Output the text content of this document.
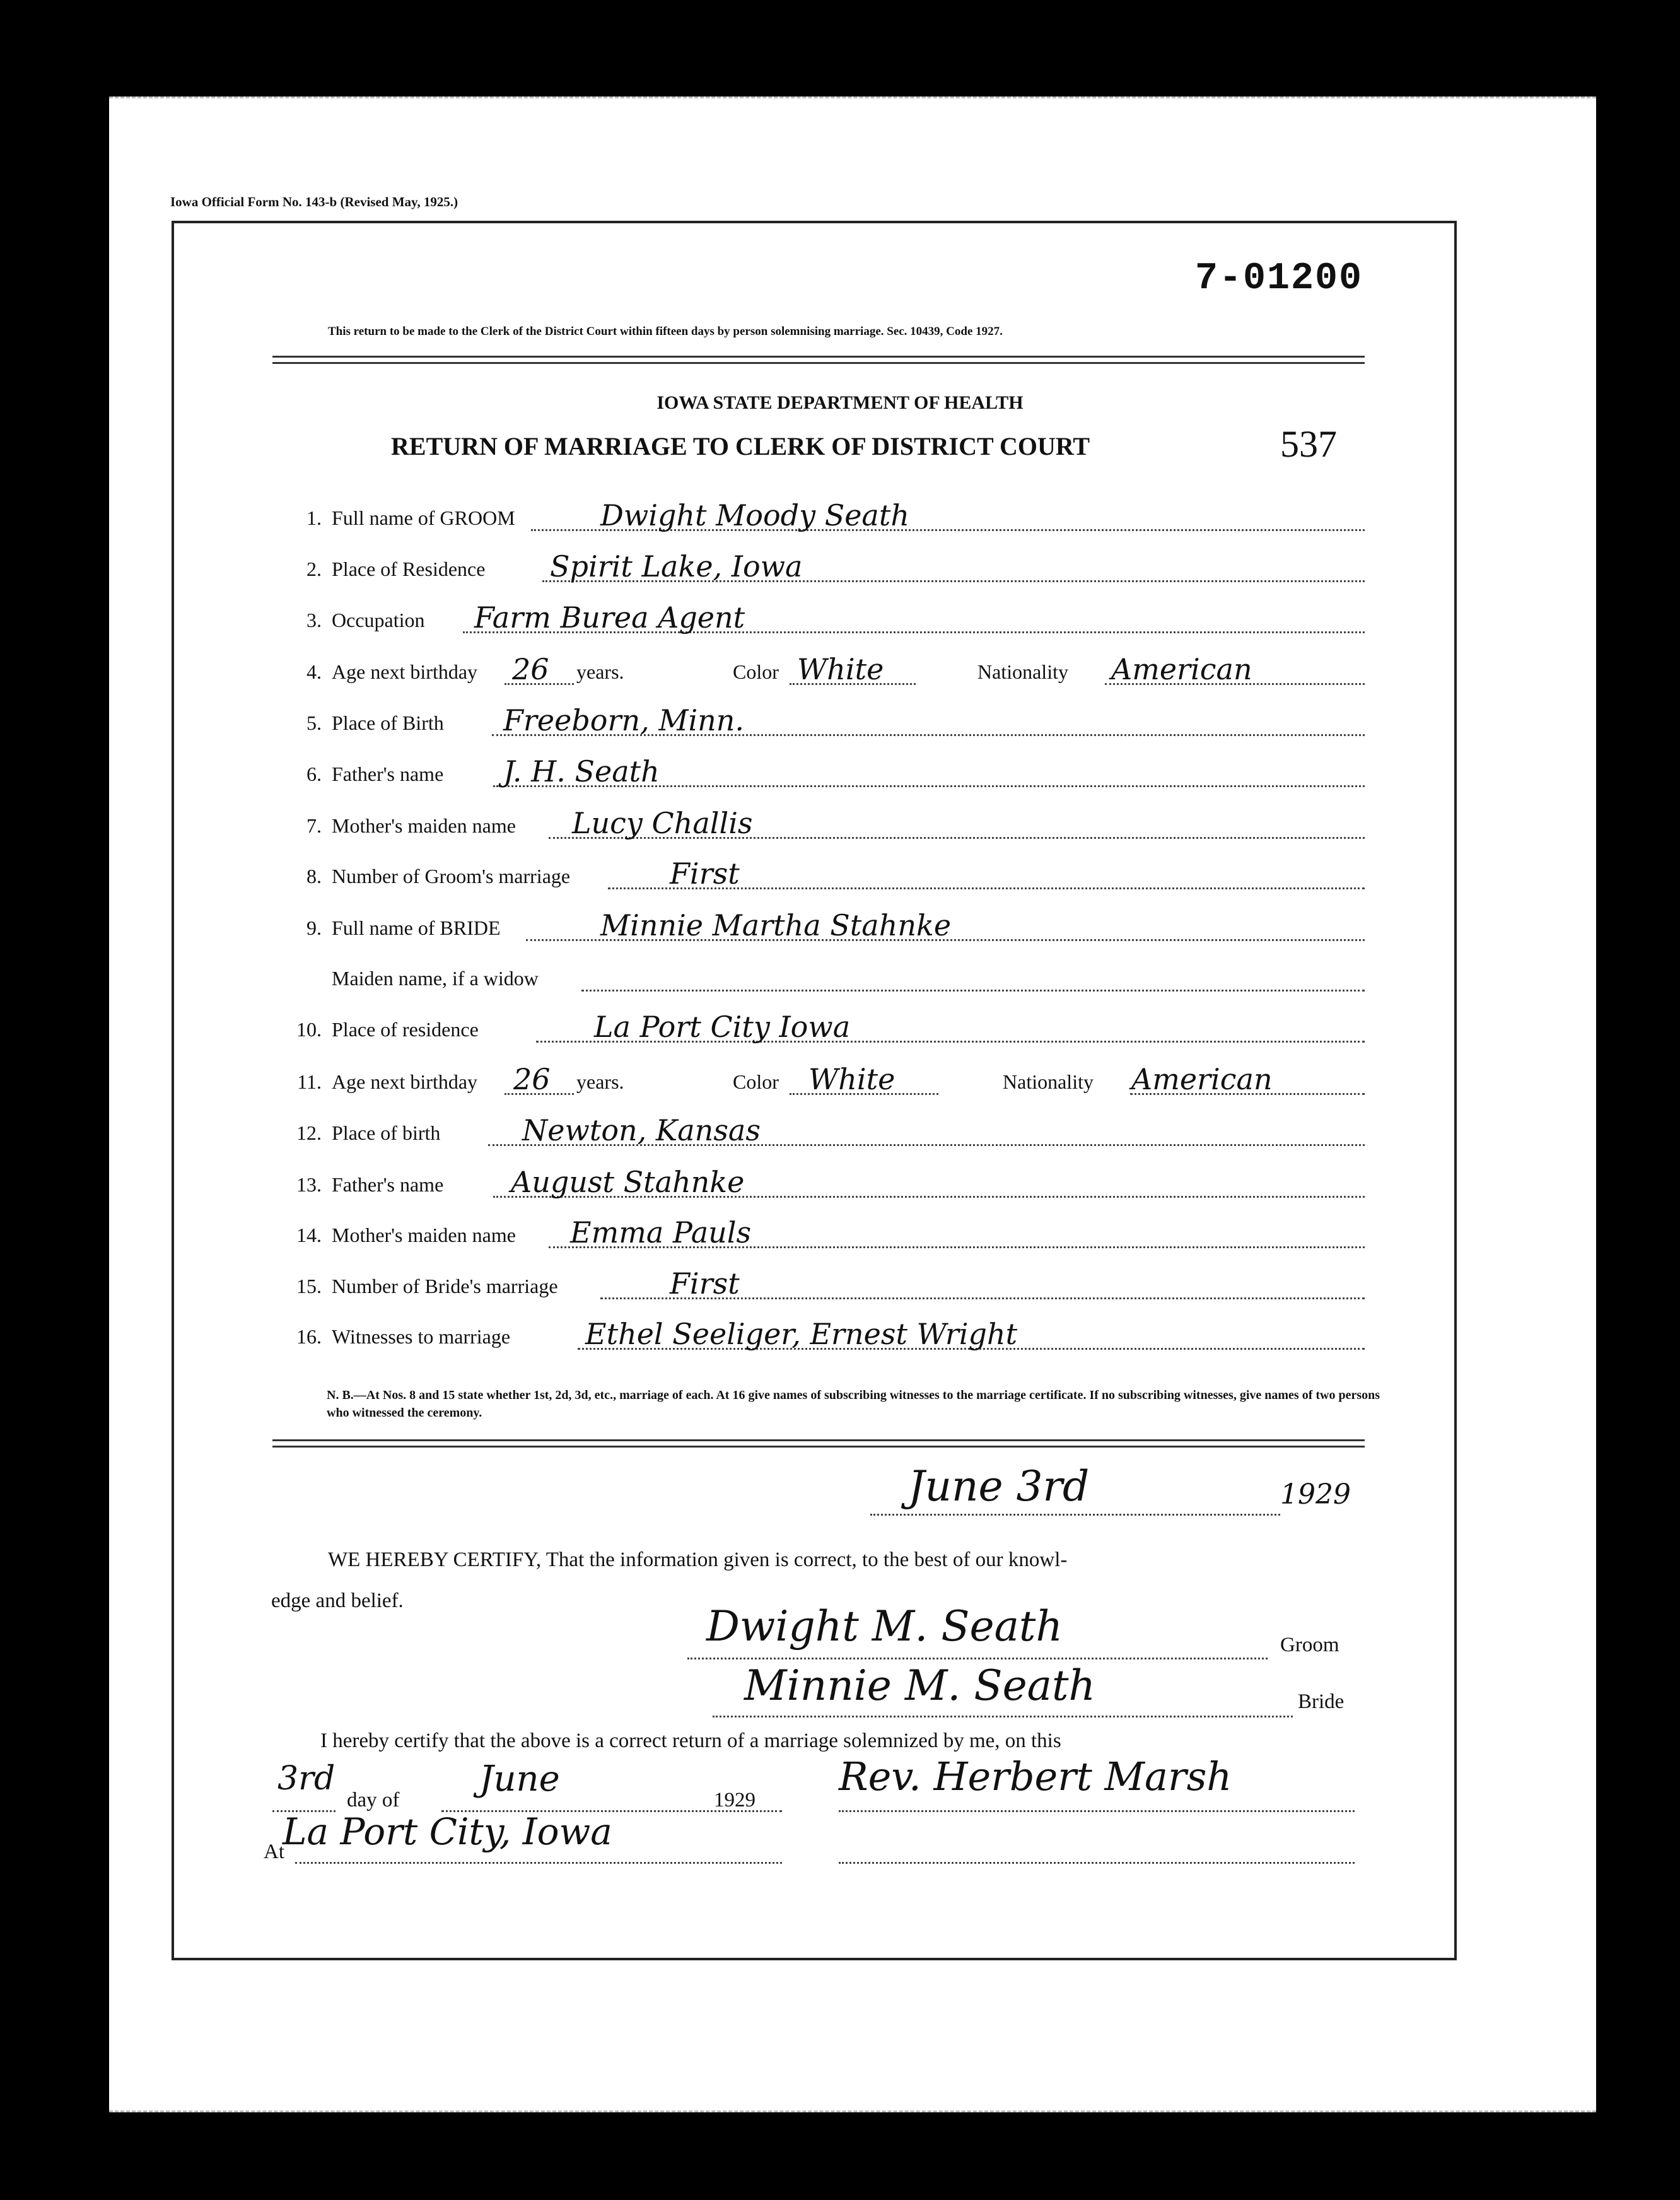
Iowa Official Form No. 143-b (Revised May, 1925.)
7-01200
This return to be made to the Clerk of the District Court within fifteen days by person solemnising marriage. Sec. 10439, Code 1927.
IOWA STATE DEPARTMENT OF HEALTH
RETURN OF MARRIAGE TO CLERK OF DISTRICT COURT	537
1. Full name of GROOM	Dwight Moody Seath
2. Place of Residence Spirit Lake, Iowa
3. Occupation Farm Burea Agent
4. Age next birthday 26 years.	Color White	Nationality American
5. Place of Birth Freeborn, Minn.
6. Father's name J. H. Seath
7. Mother's maiden name Lucy Challis
8. Number of Groom's marriage	First
9. Full name of BRIDE	Minnie Martha Stahnke
Maiden name, if a widow
10. Place of residence	La Port City Iowa
11. Age next birthday 26 years.	Color White	Nationality American
12. Place of birth	Newton, Kansas
13. Father's name August Stahnke
14. Mother's maiden name Emma Pauls
15. Number of Bride's marriage	First
16. Witnesses to marriage	Ethel Seeliger, Ernest Wright
N. B.—At Nos. 8 and 15 state whether 1st, 2d, 3d, etc., marriage of each. At 16 give names of subscribing witnesses to the marriage certificate. If no subscribing witnesses, give names of two persons who witnessed the ceremony.
June 3rd	1929
WE HEREBY CERTIFY, That the information given is correct, to the best of our knowl-
edge and belief.
Dwight M. Seath	Groom
Minnie M. Seath	Bride
I hereby certify that the above is a correct return of a marriage solemnized by me, on this
3rd
day of
June
1929
Rev. Herbert Marsh
At
La Port City, Iowa
